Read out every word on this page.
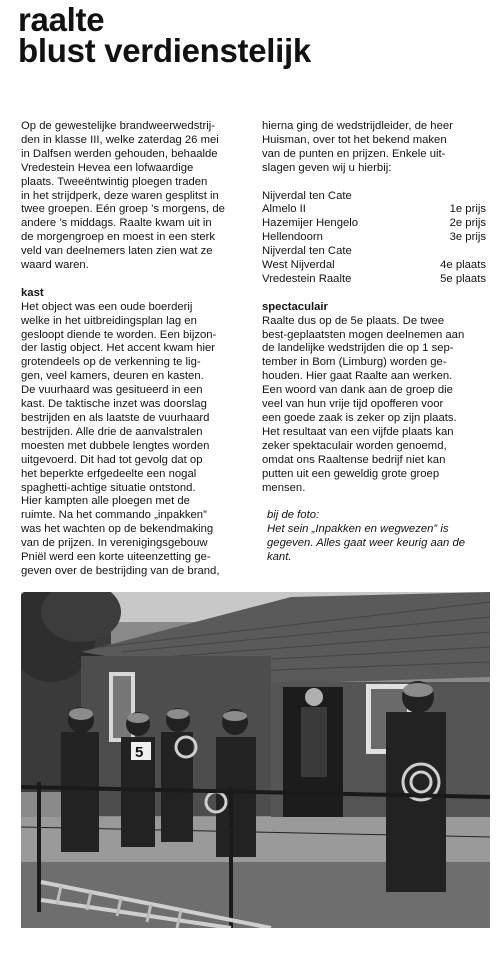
raalte
blust verdienstelijk
Op de gewestelijke brandweerwedstrij-
den in klasse III, welke zaterdag 26 mei
in Dalfsen werden gehouden, behaalde
Vredestein Hevea een lofwaardige
plaats. Tweeëntwintig ploegen traden
in het strijdperk, deze waren gesplitst in
twee groepen. Eén groep ’s morgens, de
andere ’s middags. Raalte kwam uit in
de morgengroep en moest in een sterk
veld van deelnemers laten zien wat ze
waard waren.
kast
Het object was een oude boerderij
welke in het uitbreidingsplan lag en
gesloopt diende te worden. Een bijzon-
der lastig object. Het accent kwam hier
grotendeels op de verkenning te lig-
gen, veel kamers, deuren en kasten.
De vuurhaard was gesitueerd in een
kast. De taktische inzet was doorslag
bestrijden en als laatste de vuurhaard
bestrijden. Alle drie de aanvalstralen
moesten met dubbele lengtes worden
uitgevoerd. Dit had tot gevolg dat op
het beperkte erfgedeelte een nogal
spaghetti-achtige situatie ontstond.
Hier kampten alle ploegen met de
ruimte. Na het commando „inpakken”
was het wachten op de bekendmaking
van de prijzen. In verenigingsgebouw
Pniël werd een korte uiteenzetting ge-
geven over de bestrijding van de brand,
hierna ging de wedstrijdleider, de heer
Huisman, over tot het bekend maken
van de punten en prijzen. Enkele uit-
slagen geven wij u hierbij:
Nijverdal ten Cate
Almelo II	1e prijs
Hazemijer Hengelo	2e prijs
Hellendoorn	3e prijs
Nijverdal ten Cate
West Nijverdal	4e plaats
Vredestein Raalte	5e plaats
spectaculair
Raalte dus op de 5e plaats. De twee
best-geplaatsten mogen deelnemen aan
de landelijke wedstrijden die op 1 sep-
tember in Bom (Limburg) worden ge-
houden. Hier gaat Raalte aan werken.
Een woord van dank aan de groep die
veel van hun vrije tijd opofferen voor
een goede zaak is zeker op zijn plaats.
Het resultaat van een vijfde plaats kan
zeker spektaculair worden genoemd,
omdat ons Raaltense bedrijf niet kan
putten uit een geweldig grote groep
mensen.
bij de foto:
Het sein „Inpakken en wegwezen” is
gegeven. Alles gaat weer keurig aan de
kant.
5
